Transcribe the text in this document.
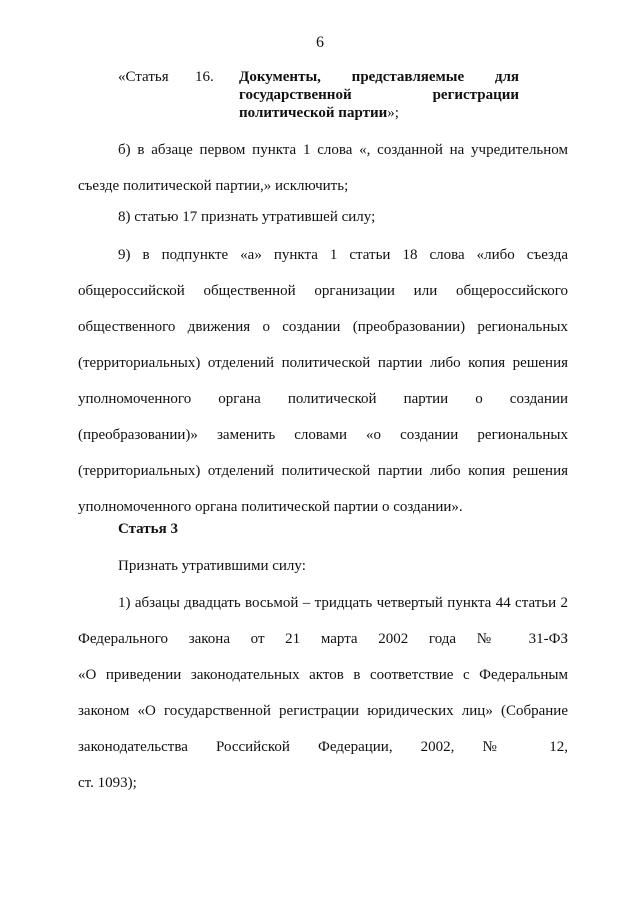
6
«Статья	16.	Документы, представляемые для
государственной регистрации
политической партии»;
б) в абзаце первом пункта 1 слова «, созданной на учредительном
съезде политической партии,» исключить;
8) статью 17 признать утратившей силу;
9) в подпункте «а» пункта 1 статьи 18 слова «либо съезда
общероссийской общественной организации или общероссийского
общественного движения о создании (преобразовании) региональных
(территориальных) отделений политической партии либо копия решения
уполномоченного органа политической партии о создании
(преобразовании)» заменить словами «о создании региональных
(территориальных) отделений политической партии либо копия решения
уполномоченного органа политической партии о создании».
Статья 3
Признать утратившими силу:
1) абзацы двадцать восьмой – тридцать четвертый пункта 44 статьи 2
Федерального закона от 21 марта 2002 года № 31-ФЗ
«О приведении законодательных актов в соответствие с Федеральным
законом «О государственной регистрации юридических лиц» (Собрание
законодательства Российской Федерации, 2002, № 12,
ст. 1093);
